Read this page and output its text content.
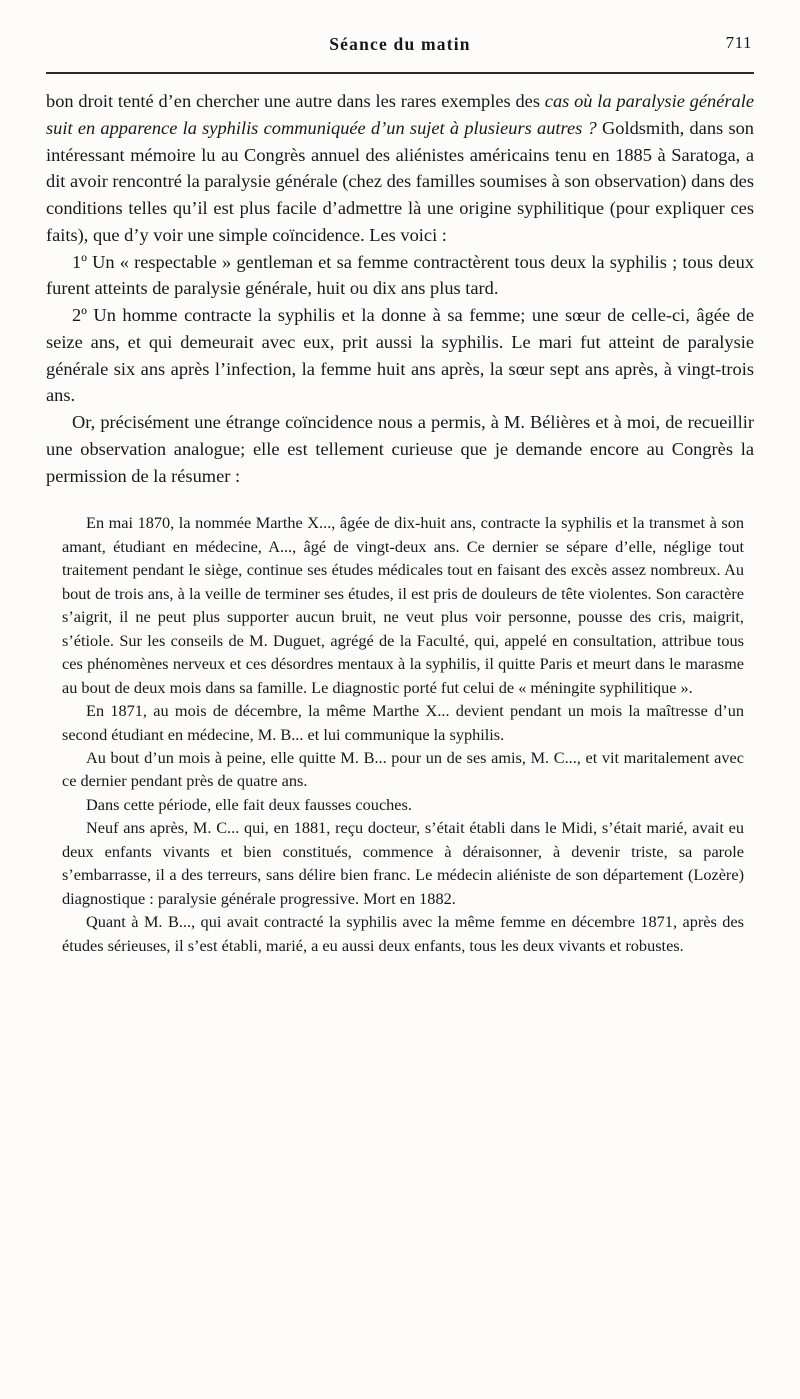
Séance du matin	711

bon droit tenté d’en chercher une autre dans les rares exemples des cas où la paralysie générale suit en apparence la syphilis communiquée d’un sujet à plusieurs autres ? Goldsmith, dans son intéressant mémoire lu au Congrès annuel des aliénistes américains tenu en 1885 à Saratoga, a dit avoir rencontré la paralysie générale (chez des familles soumises à son observation) dans des conditions telles qu’il est plus facile d’admettre là une origine syphilitique (pour expliquer ces faits), que d’y voir une simple coïncidence. Les voici :

1º Un « respectable » gentleman et sa femme contractèrent tous deux la syphilis ; tous deux furent atteints de paralysie générale, huit ou dix ans plus tard.

2º Un homme contracte la syphilis et la donne à sa femme; une sœur de celle-ci, âgée de seize ans, et qui demeurait avec eux, prit aussi la syphilis. Le mari fut atteint de paralysie générale six ans après l’infection, la femme huit ans après, la sœur sept ans après, à vingt-trois ans.

Or, précisément une étrange coïncidence nous a permis, à M. Bélières et à moi, de recueillir une observation analogue; elle est tellement curieuse que je demande encore au Congrès la permission de la résumer :

En mai 1870, la nommée Marthe X..., âgée de dix-huit ans, contracte la syphilis et la transmet à son amant, étudiant en médecine, A..., âgé de vingt-deux ans. Ce dernier se sépare d’elle, néglige tout traitement pendant le siège, continue ses études médicales tout en faisant des excès assez nombreux. Au bout de trois ans, à la veille de terminer ses études, il est pris de douleurs de tête violentes. Son caractère s’aigrit, il ne peut plus supporter aucun bruit, ne veut plus voir personne, pousse des cris, maigrit, s’étiole. Sur les conseils de M. Duguet, agrégé de la Faculté, qui, appelé en consultation, attribue tous ces phénomènes nerveux et ces désordres mentaux à la syphilis, il quitte Paris et meurt dans le marasme au bout de deux mois dans sa famille. Le diagnostic porté fut celui de « méningite syphilitique ».

En 1871, au mois de décembre, la même Marthe X... devient pendant un mois la maîtresse d’un second étudiant en médecine, M. B... et lui communique la syphilis.

Au bout d’un mois à peine, elle quitte M. B... pour un de ses amis, M. C..., et vit maritalement avec ce dernier pendant près de quatre ans.

Dans cette période, elle fait deux fausses couches.

Neuf ans après, M. C... qui, en 1881, reçu docteur, s’était établi dans le Midi, s’était marié, avait eu deux enfants vivants et bien constitués, commence à déraisonner, à devenir triste, sa parole s’embarrasse, il a des terreurs, sans délire bien franc. Le médecin aliéniste de son département (Lozère) diagnostique : paralysie générale progressive. Mort en 1882.

Quant à M. B..., qui avait contracté la syphilis avec la même femme en décembre 1871, après des études sérieuses, il s’est établi, marié, a eu aussi deux enfants, tous les deux vivants et robustes.
